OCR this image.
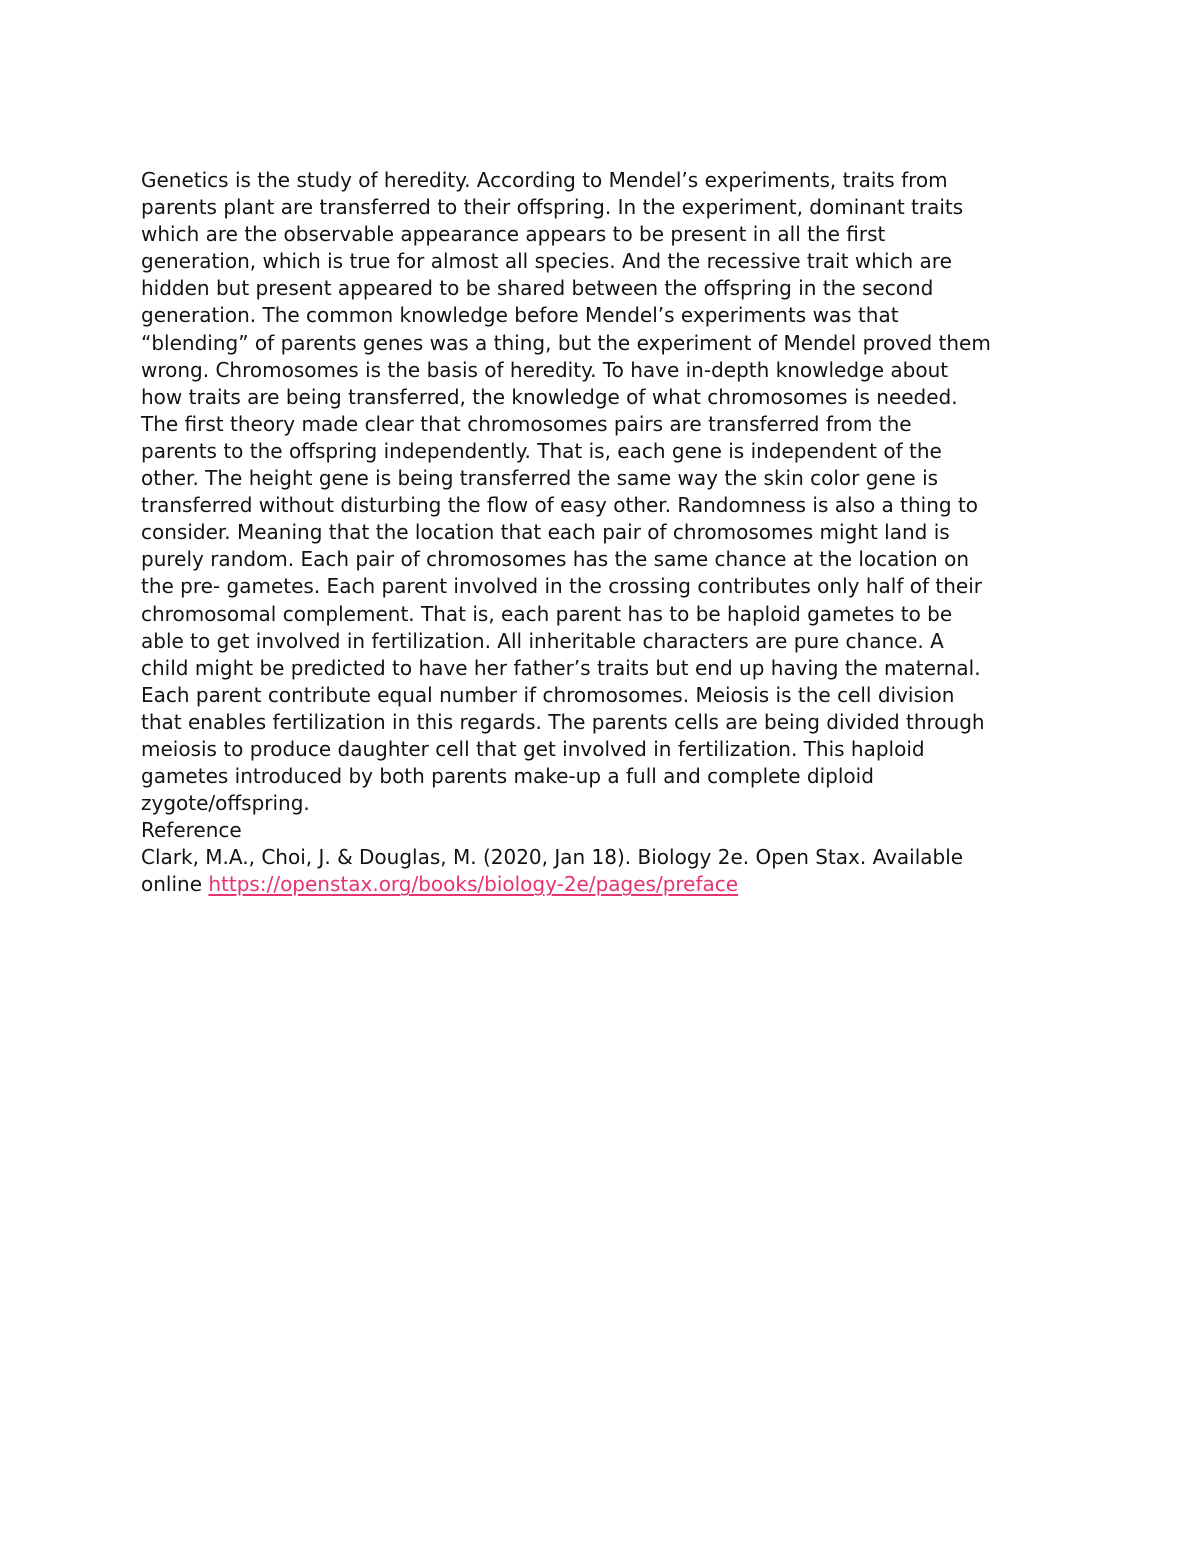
Genetics is the study of heredity. According to Mendel’s experiments, traits from
parents plant are transferred to their offspring. In the experiment, dominant traits
which are the observable appearance appears to be present in all the first
generation, which is true for almost all species. And the recessive trait which are
hidden but present appeared to be shared between the offspring in the second
generation. The common knowledge before Mendel’s experiments was that
“blending” of parents genes was a thing, but the experiment of Mendel proved them
wrong. Chromosomes is the basis of heredity. To have in-depth knowledge about
how traits are being transferred, the knowledge of what chromosomes is needed.
The first theory made clear that chromosomes pairs are transferred from the
parents to the offspring independently. That is, each gene is independent of the
other. The height gene is being transferred the same way the skin color gene is
transferred without disturbing the flow of easy other. Randomness is also a thing to
consider. Meaning that the location that each pair of chromosomes might land is
purely random. Each pair of chromosomes has the same chance at the location on
the pre- gametes. Each parent involved in the crossing contributes only half of their
chromosomal complement. That is, each parent has to be haploid gametes to be
able to get involved in fertilization. All inheritable characters are pure chance. A
child might be predicted to have her father’s traits but end up having the maternal.
Each parent contribute equal number if chromosomes. Meiosis is the cell division
that enables fertilization in this regards. The parents cells are being divided through
meiosis to produce daughter cell that get involved in fertilization. This haploid
gametes introduced by both parents make-up a full and complete diploid
zygote/offspring.
Reference
Clark, M.A., Choi, J. & Douglas, M. (2020, Jan 18). Biology 2e. Open Stax. Available
online https://openstax.org/books/biology-2e/pages/preface
